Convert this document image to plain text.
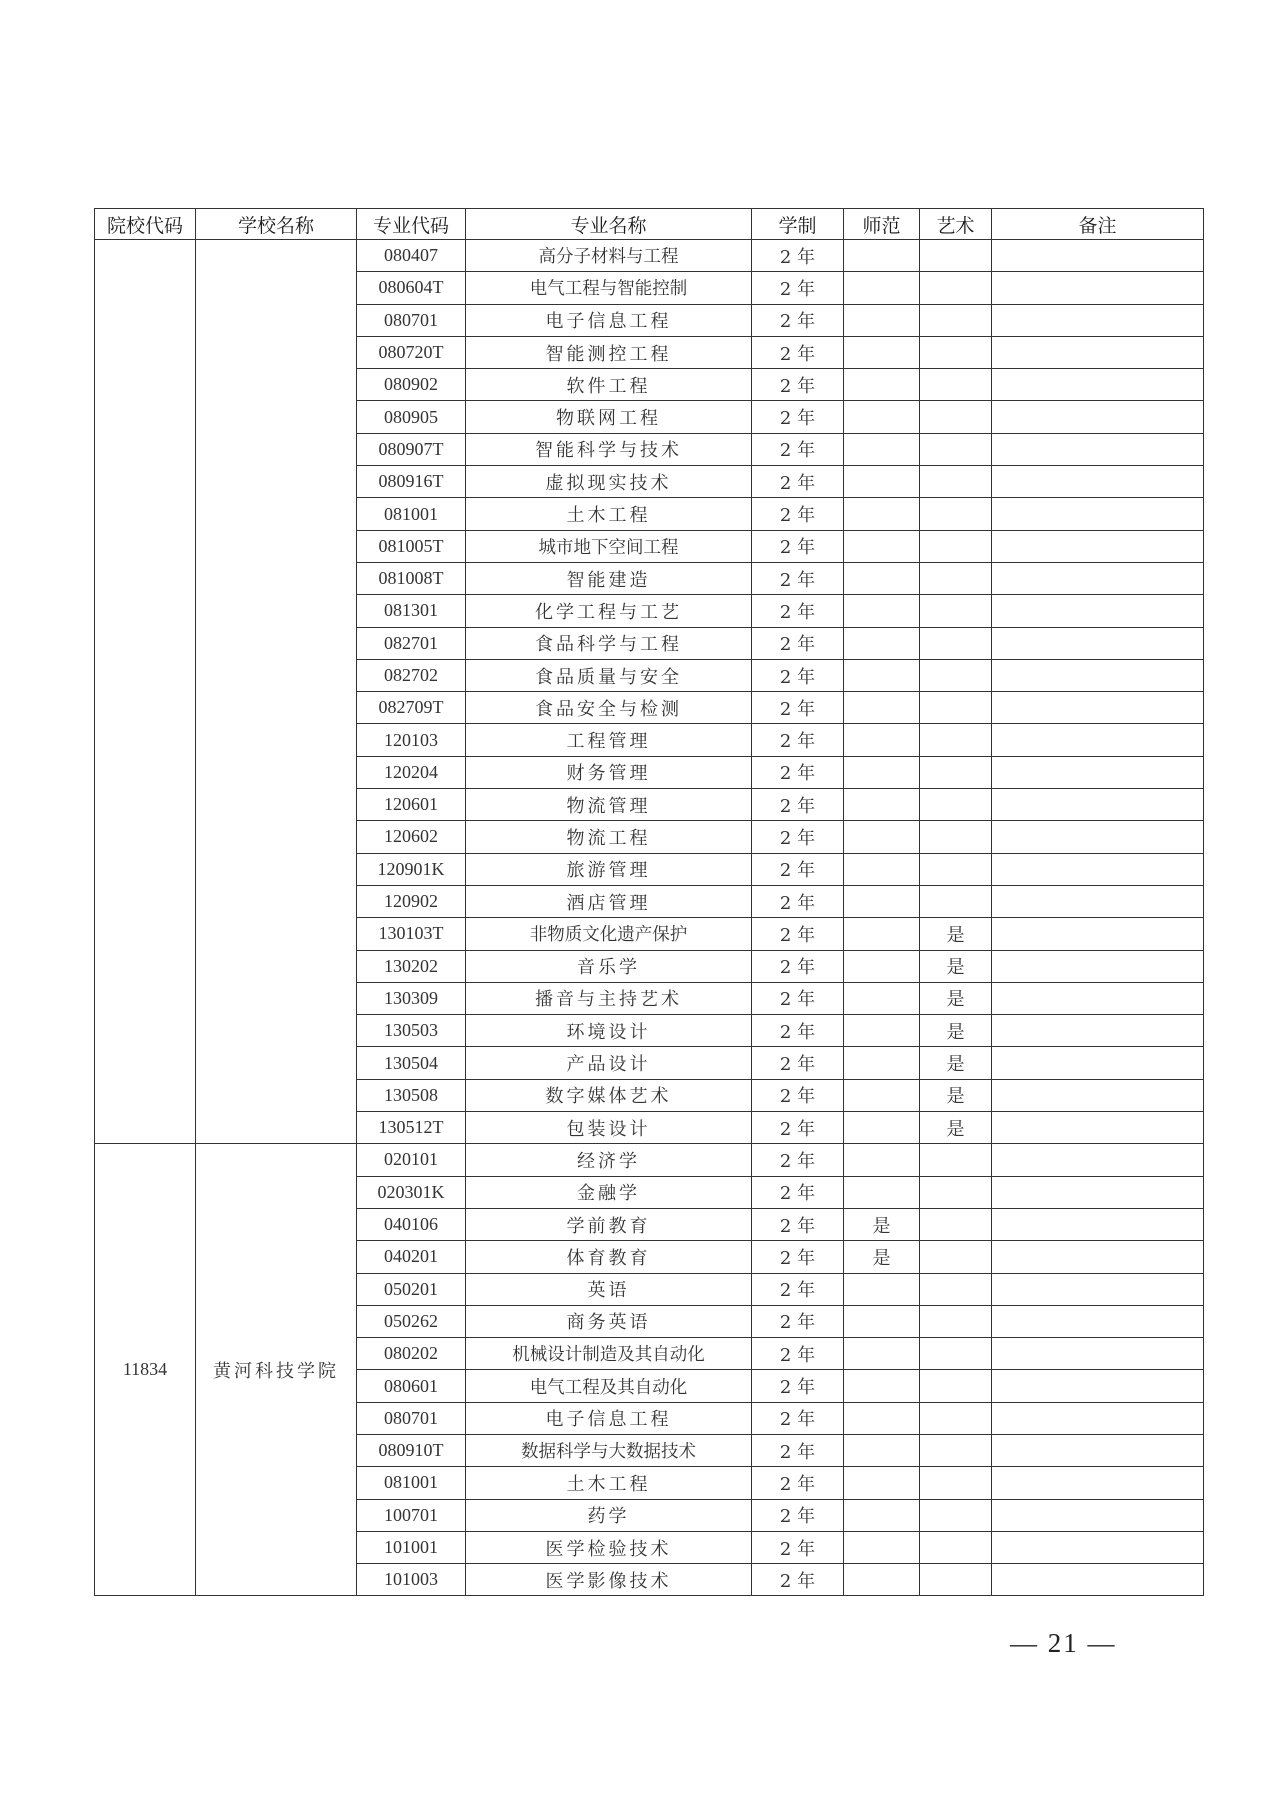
院校代码	学校名称	专业代码	专业名称	学制	师范	艺术	备注
		080407	高分子材料与工程	2 年			
		080604T	电气工程与智能控制	2 年			
		080701	电子信息工程	2 年			
		080720T	智能测控工程	2 年			
		080902	软件工程	2 年			
		080905	物联网工程	2 年			
		080907T	智能科学与技术	2 年			
		080916T	虚拟现实技术	2 年			
		081001	土木工程	2 年			
		081005T	城市地下空间工程	2 年			
		081008T	智能建造	2 年			
		081301	化学工程与工艺	2 年			
		082701	食品科学与工程	2 年			
		082702	食品质量与安全	2 年			
		082709T	食品安全与检测	2 年			
		120103	工程管理	2 年			
		120204	财务管理	2 年			
		120601	物流管理	2 年			
		120602	物流工程	2 年			
		120901K	旅游管理	2 年			
		120902	酒店管理	2 年			
		130103T	非物质文化遗产保护	2 年		是	
		130202	音乐学	2 年		是	
		130309	播音与主持艺术	2 年		是	
		130503	环境设计	2 年		是	
		130504	产品设计	2 年		是	
		130508	数字媒体艺术	2 年		是	
		130512T	包装设计	2 年		是	
11834	黄河科技学院	020101	经济学	2 年			
		020301K	金融学	2 年			
		040106	学前教育	2 年	是		
		040201	体育教育	2 年	是		
		050201	英语	2 年			
		050262	商务英语	2 年			
		080202	机械设计制造及其自动化	2 年			
		080601	电气工程及其自动化	2 年			
		080701	电子信息工程	2 年			
		080910T	数据科学与大数据技术	2 年			
		081001	土木工程	2 年			
		100701	药学	2 年			
		101001	医学检验技术	2 年			
		101003	医学影像技术	2 年			
— 21 —
